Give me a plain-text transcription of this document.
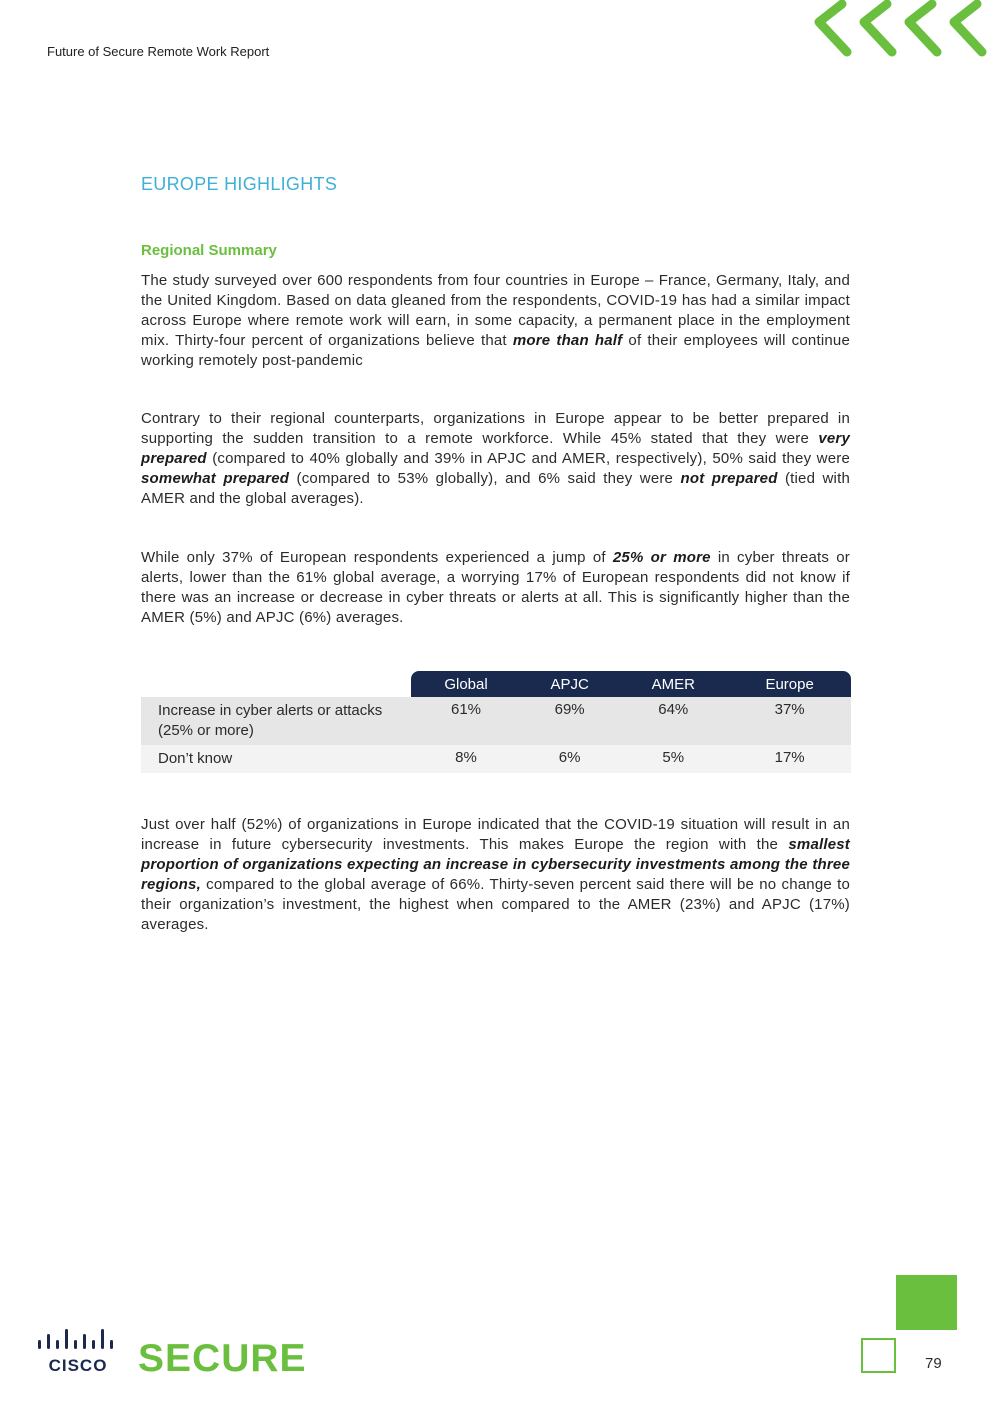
Future of Secure Remote Work Report
EUROPE HIGHLIGHTS
Regional Summary

The study surveyed over 600 respondents from four countries in Europe – France, Germany, Italy, and the United Kingdom. Based on data gleaned from the respondents, COVID-19 has had a similar impact across Europe where remote work will earn, in some capacity, a permanent place in the employment mix. Thirty-four percent of organizations believe that more than half of their employees will continue working remotely post-pandemic

Contrary to their regional counterparts, organizations in Europe appear to be better prepared in supporting the sudden transition to a remote workforce. While 45% stated that they were very prepared (compared to 40% globally and 39% in APJC and AMER, respectively), 50% said they were somewhat prepared (compared to 53% globally), and 6% said they were not prepared (tied with AMER and the global averages).

While only 37% of European respondents experienced a jump of 25% or more in cyber threats or alerts, lower than the 61% global average, a worrying 17% of European respondents did not know if there was an increase or decrease in cyber threats or alerts at all. This is significantly higher than the AMER (5%) and APJC (6%) averages.

	Global	APJC	AMER	Europe
Increase in cyber alerts or attacks (25% or more)	61%	69%	64%	37%
Don’t know	8%	6%	5%	17%

Just over half (52%) of organizations in Europe indicated that the COVID-19 situation will result in an increase in future cybersecurity investments. This makes Europe the region with the smallest proportion of organizations expecting an increase in cybersecurity investments among the three regions, compared to the global average of 66%. Thirty-seven percent said there will be no change to their organization’s investment, the highest when compared to the AMER (23%) and APJC (17%) averages.

CISCO SECURE	79
